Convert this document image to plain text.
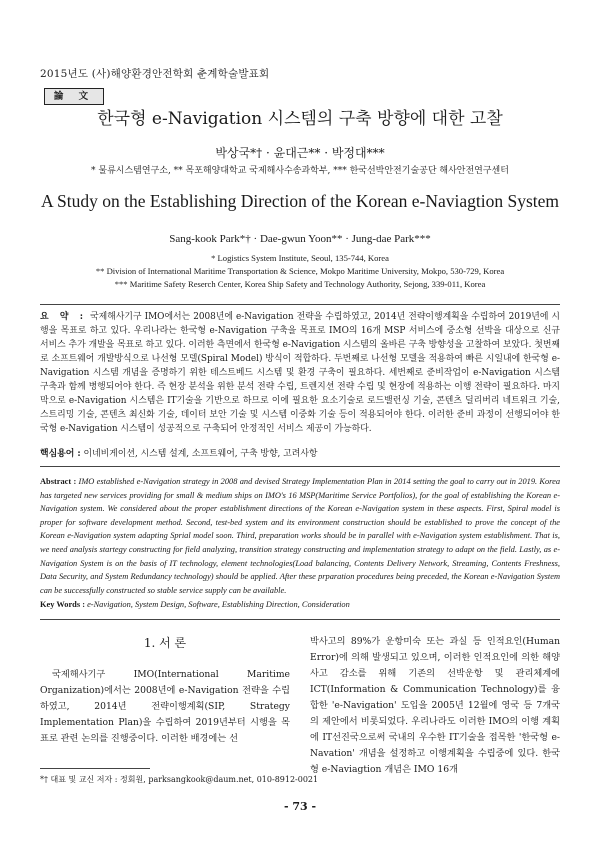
2015년도 (사)해양환경안전학회 춘계학술발표회
論 文
한국형 e-Navigation 시스템의 구축 방향에 대한 고찰
박상국*† · 윤대근** · 박정대***
* 물류시스템연구소, ** 목포해양대학교 국제해사수송과학부, *** 한국선박안전기술공단 해사안전연구센터
A Study on the Establishing Direction of the Korean e-Naviagtion System
Sang-kook Park*† · Dae-gwun Yoon** · Jung-dae Park***
* Logistics System Institute, Seoul, 135-744, Korea
** Division of International Maritime Transportation & Science, Mokpo Maritime University, Mokpo, 530-729, Korea
*** Maritime Safety Reserch Center, Korea Ship Safety and Technology Authority, Sejong, 339-011, Korea
요 약 : 국제해사기구 IMO에서는 2008년에 e-Navigation 전략을 수립하였고, 2014년 전략이행계획을 수립하여 2019년에 시행을 목표로 하고 있다. 우리나라는 한국형 e-Navigation 구축을 목표로 IMO의 16개 MSP 서비스에 중소형 선박을 대상으로 신규 서비스 추가 개발을 목표로 하고 있다. 이러한 측면에서 한국형 e-Navigation 시스템의 올바른 구축 방향성을 고찰하여 보았다. 첫번째로 소프트웨어 개발방식으로 나선형 모델(Spiral Model) 방식이 적합하다. 두번째로 나선형 모델을 적용하여 빠른 시일내에 한국형 e-Navigation 시스템 개념을 증명하기 위한 테스트베드 시스템 및 환경 구축이 필요하다. 세번째로 준비작업이 e-Navigation 시스템 구축과 함께 병행되어야 한다. 즉 현장 분석을 위한 분석 전략 수립, 트렌지션 전략 수립 및 현장에 적용하는 이행 전략이 필요하다. 마지막으로 e-Navigation 시스템은 IT기술을 기반으로 하므로 이에 필요한 요소기술로 로드밸런싱 기술, 콘텐츠 딜리버리 네트워크 기술, 스트리밍 기술, 콘텐츠 최신화 기술, 데이터 보안 기술 및 시스템 이중화 기술 등이 적용되어야 한다. 이러한 준비 과정이 선행되어야 한국형 e-Navigation 시스템이 성공적으로 구축되어 안정적인 서비스 제공이 가능하다.
핵심용어 : 이네비게이션, 시스템 설계, 소프트웨어, 구축 방향, 고려사항
Abstract : IMO established e-Navigation strategy in 2008 and devised Strategy Implementation Plan in 2014 setting the goal to carry out in 2019. Korea has targeted new services providing for small & medium ships on IMO's 16 MSP(Maritime Service Portfolios), for the goal of establishing the Korean e-Navigation system. We considered about the proper establishment directions of the Korean e-Navigation system in these aspects. First, Spiral model is proper for software development method. Second, test-bed system and its environment construction should be established to prove the concept of the Korean e-Navigation system adapting Sprial model soon. Third, preparation works should be in parallel with e-Navigation system establishment. That is, we need analysis startegy constructing for field analyzing, transition strategy constructing and implementation strategy to adapt on the field. Lastly, as e-Navigation System is on the basis of IT technology, element technologies(Load balancing, Contents Delivery Network, Streaming, Contents Freshness, Data Security, and System Redundancy technology) should be applied. After these prparation procedures being preceded, the Korean e-Navigation System can be successfully constructed so stable service supply can be available.
Key Words : e-Navigation, System Design, Software, Establishing Direction, Consideration
1. 서 론
국제해사기구 IMO(International Maritime Organization)에서는 2008년에 e-Navigation 전략을 수립하였고, 2014년 전략이행계획(SIP, Strategy Implementation Plan)을 수립하여 2019년부터 시행을 목표로 관련 논의를 진행중이다. 이러한 배경에는 선
박사고의 89%가 운항미숙 또는 과실 등 인적요인(Human Error)에 의해 발생되고 있으며, 이러한 인적요인에 의한 해양사고 감소를 위해 기존의 선박운항 및 관리체계에 ICT(Information & Communication Technology)를 융합한 'e-Navigation' 도입을 2005년 12월에 영국 등 7개국의 제안에서 비롯되었다. 우리나라도 이러한 IMO의 이행 계획에 IT선진국으로써 국내의 우수한 IT기술을 접목한 '한국형 e-Navation' 개념을 설정하고 이행계획을 수립중에 있다. 한국형 e-Naviagtion 개념은 IMO 16개
*† 대표 및 교신 저자 : 정회원, parksangkook@daum.net, 010-8912-0021
- 73 -
